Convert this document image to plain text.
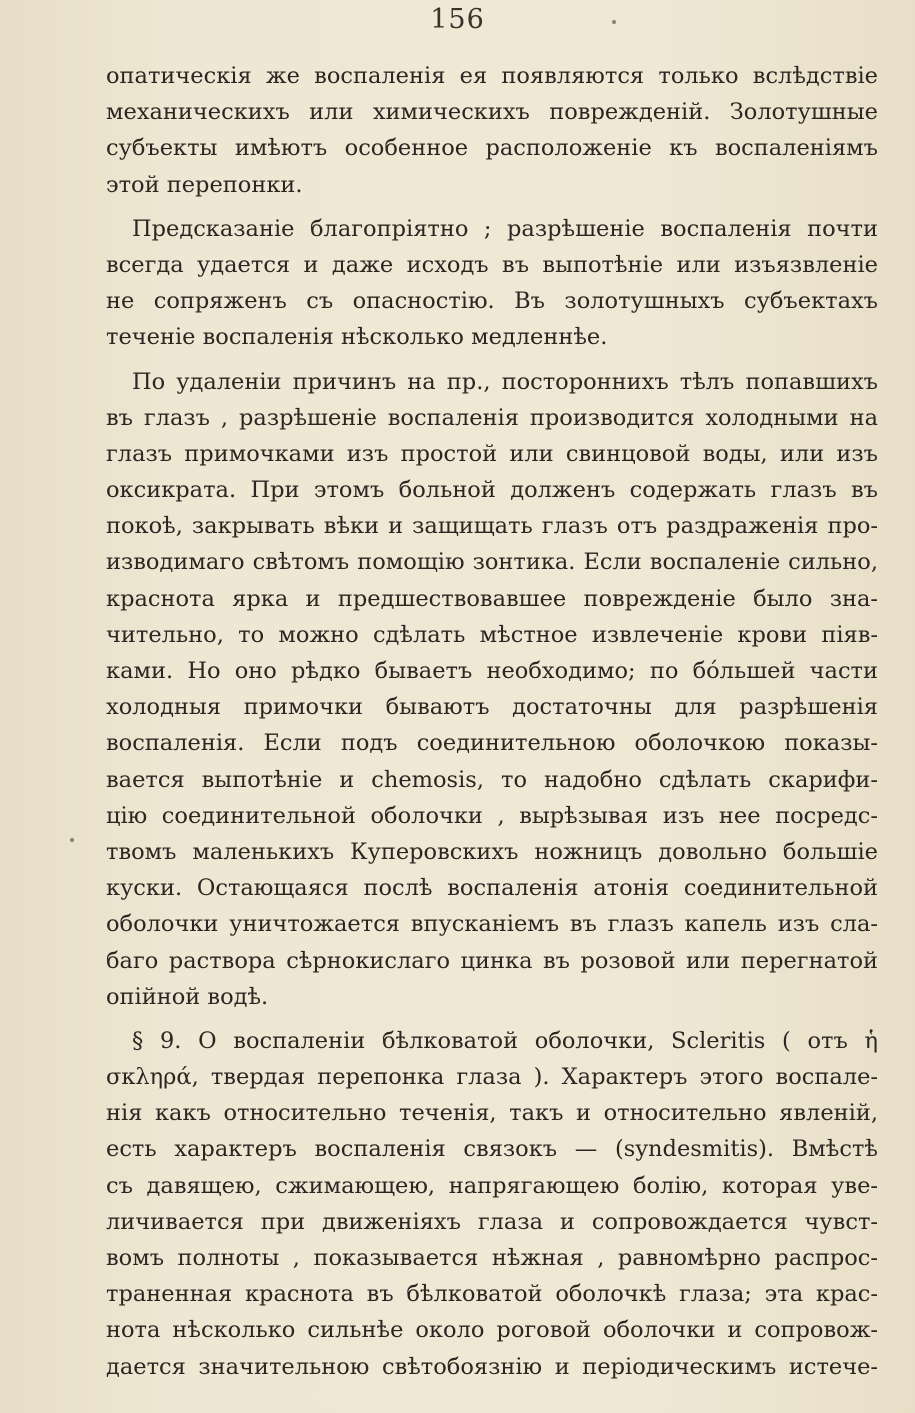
156
опатическія же воспаленія ея появляются только вслѣдствіе
механическихъ или химическихъ поврежденій. Золотушные
субъекты имѣютъ особенное расположеніе къ воспаленіямъ
этой перепонки.
Предсказаніе благопріятно ; разрѣшеніе воспаленія почти
всегда удается и даже исходъ въ выпотѣніе или изъязвленіе
не сопряженъ съ опасностію. Въ золотушныхъ субъектахъ
теченіе воспаленія нѣсколько медленнѣе.
По удаленіи причинъ на пр., постороннихъ тѣлъ попавшихъ
въ глазъ , разрѣшеніе воспаленія производится холодными на
глазъ примочками изъ простой или свинцовой воды, или изъ
оксикрата. При этомъ больной долженъ содержать глазъ въ
покоѣ, закрывать вѣки и защищать глазъ отъ раздраженія про-
изводимаго свѣтомъ помощію зонтика. Если воспаленіе сильно,
краснота ярка и предшествовавшее поврежденіе было зна-
чительно, то можно сдѣлать мѣстное извлеченіе крови піяв-
ками. Но оно рѣдко бываетъ необходимо; по бо́льшей части
холодныя примочки бываютъ достаточны для разрѣшенія
воспаленія. Если подъ соединительною оболочкою показы-
вается выпотѣніе и chemosis, то надобно сдѣлать скарифи-
цію соединительной оболочки , вырѣзывая изъ нее посредс-
твомъ маленькихъ Куперовскихъ ножницъ довольно большіе
куски. Остающаяся послѣ воспаленія атонія соединительной
оболочки уничтожается впусканіемъ въ глазъ капель изъ сла-
баго раствора сѣрнокислаго цинка въ розовой или перегнатой
опійной водѣ.
§ 9. О воспаленіи бѣлковатой оболочки, Scleritis ( отъ ἡ
σκληρά, твердая перепонка глаза ). Характеръ этого воспале-
нія какъ относительно теченія, такъ и относительно явленій,
есть характеръ воспаленія связокъ — (syndesmitis). Вмѣстѣ
съ давящею, сжимающею, напрягающею болію, которая уве-
личивается при движеніяхъ глаза и сопровождается чувст-
вомъ полноты , показывается нѣжная , равномѣрно распрос-
траненная краснота въ бѣлковатой оболочкѣ глаза; эта крас-
нота нѣсколько сильнѣе около роговой оболочки и сопровож-
дается значительною свѣтобоязнію и періодическимъ истече-
